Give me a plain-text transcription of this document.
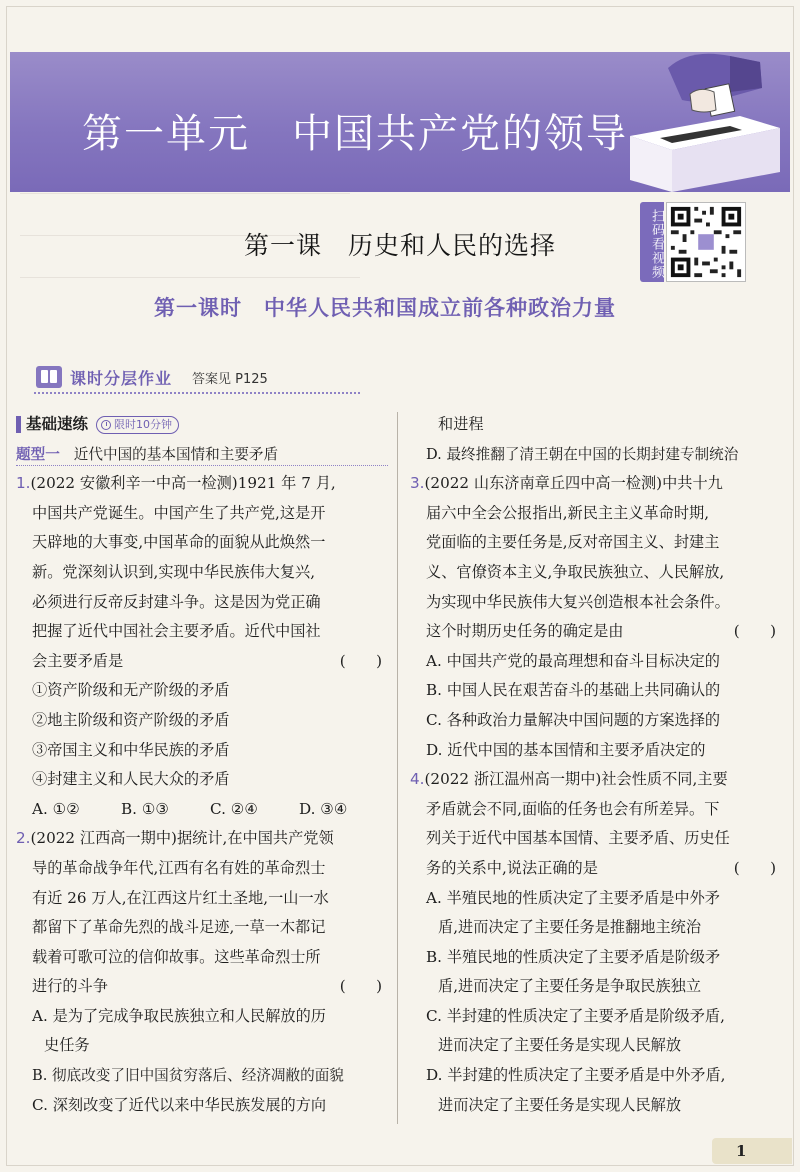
第一单元　中国共产党的领导
第一课　历史和人民的选择
第一课时　中华人民共和国成立前各种政治力量
扫码看视频
课时分层作业 答案见 P125
基础速练 限时10分钟
题型一 近代中国的基本国情和主要矛盾
1.(2022 安徽利辛一中高一检测)1921 年 7 月,
中国共产党诞生。中国产生了共产党,这是开
天辟地的大事变,中国革命的面貌从此焕然一
新。党深刻认识到,实现中华民族伟大复兴,
必须进行反帝反封建斗争。这是因为党正确
把握了近代中国社会主要矛盾。近代中国社
会主要矛盾是	(　　)
①资产阶级和无产阶级的矛盾
②地主阶级和资产阶级的矛盾
③帝国主义和中华民族的矛盾
④封建主义和人民大众的矛盾
A. ①②	B. ①③	C. ②④	D. ③④
2.(2022 江西高一期中)据统计,在中国共产党领
导的革命战争年代,江西有名有姓的革命烈士
有近 26 万人,在江西这片红土圣地,一山一水
都留下了革命先烈的战斗足迹,一草一木都记
载着可歌可泣的信仰故事。这些革命烈士所
进行的斗争	(　　)
A. 是为了完成争取民族独立和人民解放的历
史任务
B. 彻底改变了旧中国贫穷落后、经济凋敝的面貌
C. 深刻改变了近代以来中华民族发展的方向
和进程
D. 最终推翻了清王朝在中国的长期封建专制统治
3.(2022 山东济南章丘四中高一检测)中共十九
届六中全会公报指出,新民主主义革命时期,
党面临的主要任务是,反对帝国主义、封建主
义、官僚资本主义,争取民族独立、人民解放,
为实现中华民族伟大复兴创造根本社会条件。
这个时期历史任务的确定是由	(　　)
A. 中国共产党的最高理想和奋斗目标决定的
B. 中国人民在艰苦奋斗的基础上共同确认的
C. 各种政治力量解决中国问题的方案选择的
D. 近代中国的基本国情和主要矛盾决定的
4.(2022 浙江温州高一期中)社会性质不同,主要
矛盾就会不同,面临的任务也会有所差异。下
列关于近代中国基本国情、主要矛盾、历史任
务的关系中,说法正确的是	(　　)
A. 半殖民地的性质决定了主要矛盾是中外矛
盾,进而决定了主要任务是推翻地主统治
B. 半殖民地的性质决定了主要矛盾是阶级矛
盾,进而决定了主要任务是争取民族独立
C. 半封建的性质决定了主要矛盾是阶级矛盾,
进而决定了主要任务是实现人民解放
D. 半封建的性质决定了主要矛盾是中外矛盾,
进而决定了主要任务是实现人民解放
1
